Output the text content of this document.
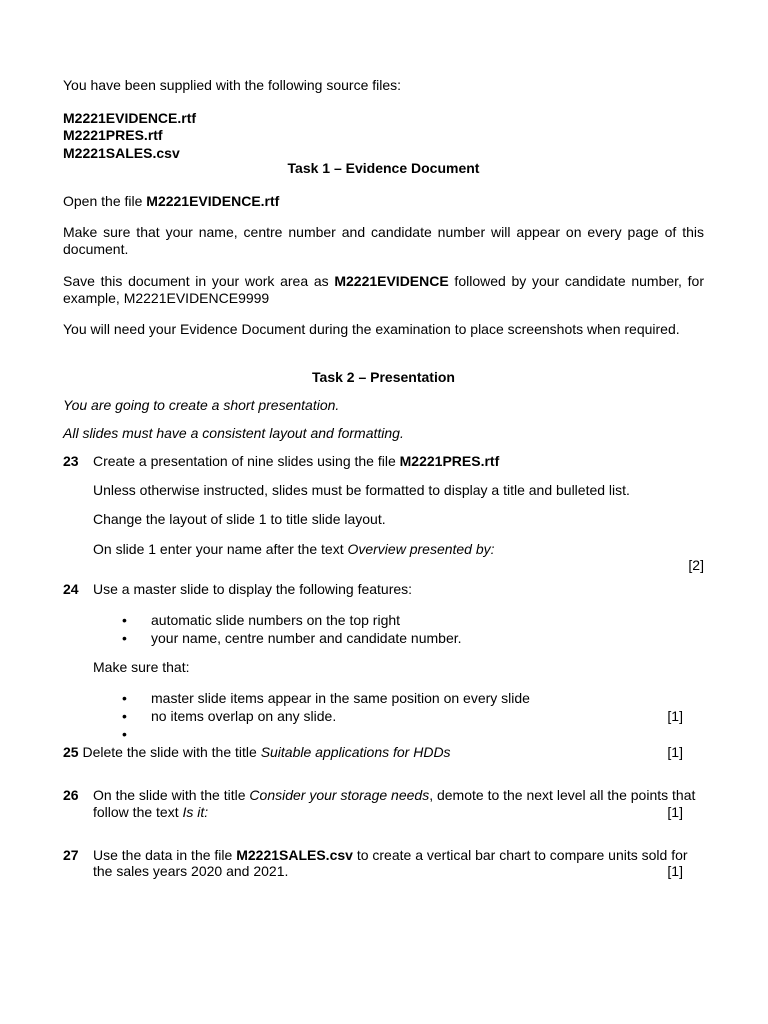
You have been supplied with the following source files:
M2221EVIDENCE.rtf
M2221PRES.rtf
M2221SALES.csv
Task 1 – Evidence Document
Open the file M2221EVIDENCE.rtf
Make sure that your name, centre number and candidate number will appear on every page of this document.
Save this document in your work area as M2221EVIDENCE followed by your candidate number, for example, M2221EVIDENCE9999
You will need your Evidence Document during the examination to place screenshots when required.
Task 2 – Presentation
You are going to create a short presentation.
All slides must have a consistent layout and formatting.
23 Create a presentation of nine slides using the file M2221PRES.rtf
Unless otherwise instructed, slides must be formatted to display a title and bulleted list.
Change the layout of slide 1 to title slide layout.
On slide 1 enter your name after the text Overview presented by:
[2]
24 Use a master slide to display the following features:
• automatic slide numbers on the top right
• your name, centre number and candidate number.
Make sure that:
• master slide items appear in the same position on every slide
• no items overlap on any slide.
•
[1]
25 Delete the slide with the title Suitable applications for HDDs	[1]
26 On the slide with the title Consider your storage needs, demote to the next level all the points that
follow the text Is it:	[1]
27 Use the data in the file M2221SALES.csv to create a vertical bar chart to compare units sold for
the sales years 2020 and 2021.	[1]
